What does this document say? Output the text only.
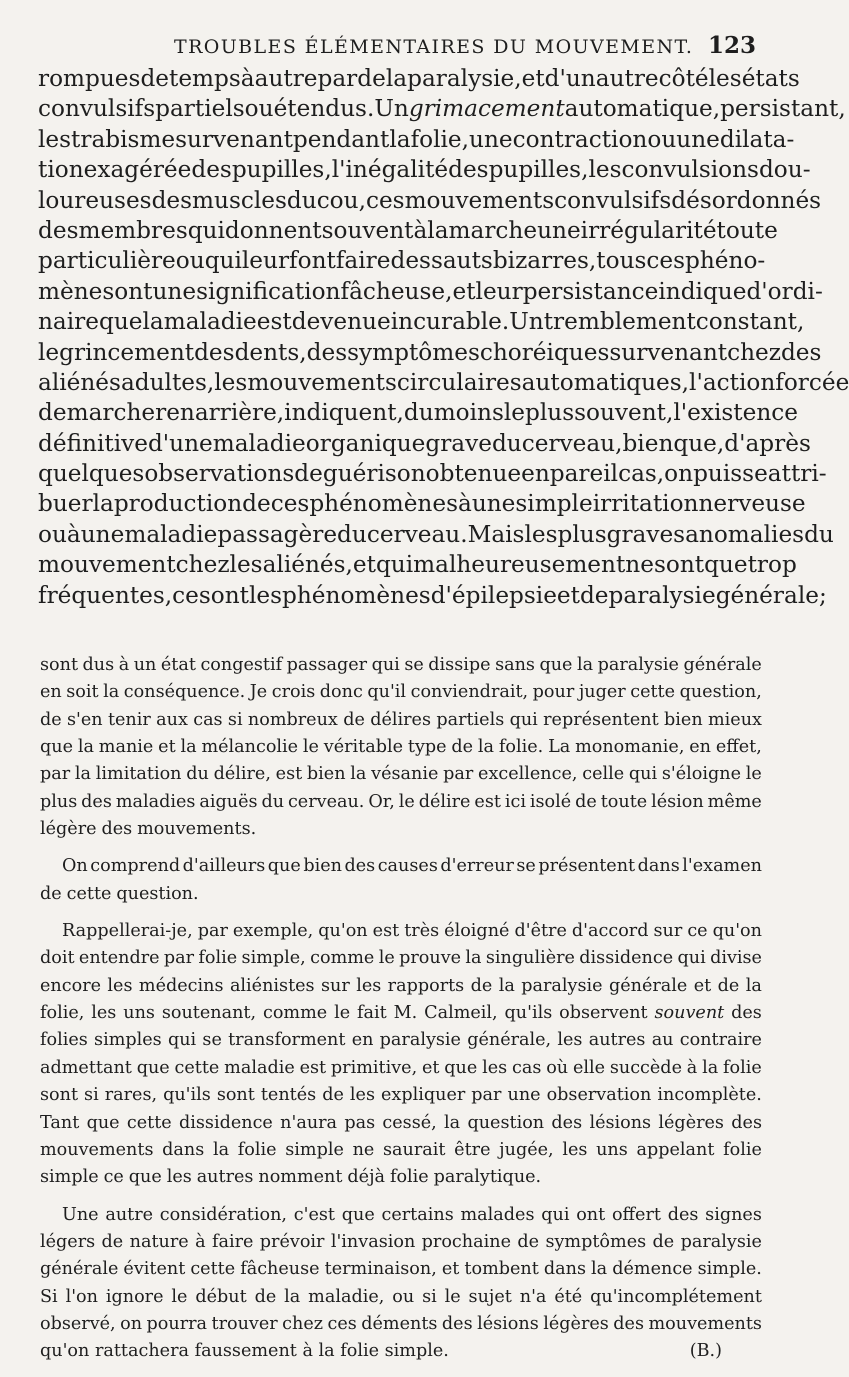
TROUBLES ÉLÉMENTAIRES DU MOUVEMENT. 123
rompues de temps à autre par de la paralysie, et d'un autre côté les états
convulsifs partiels ou étendus. Un grimacement automatique, persistant,
le strabisme survenant pendant la folie, une contraction ou une dilata-
tion exagérée des pupilles, l'inégalité des pupilles, les convulsions dou-
loureuses des muscles du cou, ces mouvements convulsifs désordonnés
des membres qui donnent souvent à la marche une irrégularité toute
particulière ou qui leur font faire des sauts bizarres, tous ces phéno-
mènes ont une signification fâcheuse, et leur persistance indique d'ordi-
naire que la maladie est devenue incurable. Un tremblement constant,
le grincement des dents, des symptômes choréiques survenant chez des
aliénés adultes, les mouvements circulaires automatiques, l'action forcée
de marcher en arrière, indiquent, du moins le plus souvent, l'existence
définitive d'une maladie organique grave du cerveau, bien que, d'après
quelques observations de guérison obtenue en pareil cas, on puisse attri-
buer la production de ces phénomènes à une simple irritation nerveuse
ou à une maladie passagère du cerveau. Mais les plus graves anomalies du
mouvement chez les aliénés, et qui malheureusement ne sont que trop
fréquentes, ce sont les phénomènes d'épilepsie et de paralysie générale ;
sont dus à un état congestif passager qui se dissipe sans que la paralysie générale
en soit la conséquence. Je crois donc qu'il conviendrait, pour juger cette question,
de s'en tenir aux cas si nombreux de délires partiels qui représentent bien mieux
que la manie et la mélancolie le véritable type de la folie. La monomanie, en effet,
par la limitation du délire, est bien la vésanie par excellence, celle qui s'éloigne le
plus des maladies aiguës du cerveau. Or, le délire est ici isolé de toute lésion même
légère des mouvements.
On comprend d'ailleurs que bien des causes d'erreur se présentent dans l'examen
de cette question.
Rappellerai-je, par exemple, qu'on est très éloigné d'être d'accord sur ce qu'on
doit entendre par folie simple, comme le prouve la singulière dissidence qui divise
encore les médecins aliénistes sur les rapports de la paralysie générale et de la
folie, les uns soutenant, comme le fait M. Calmeil, qu'ils observent souvent des
folies simples qui se transforment en paralysie générale, les autres au contraire
admettant que cette maladie est primitive, et que les cas où elle succède à la folie
sont si rares, qu'ils sont tentés de les expliquer par une observation incomplète.
Tant que cette dissidence n'aura pas cessé, la question des lésions légères des
mouvements dans la folie simple ne saurait être jugée, les uns appelant folie
simple ce que les autres nomment déjà folie paralytique.
Une autre considération, c'est que certains malades qui ont offert des signes
légers de nature à faire prévoir l'invasion prochaine de symptômes de paralysie
générale évitent cette fâcheuse terminaison, et tombent dans la démence simple.
Si l'on ignore le début de la maladie, ou si le sujet n'a été qu'incomplétement
observé, on pourra trouver chez ces déments des lésions légères des mouvements
qu'on rattachera faussement à la folie simple.	(B.)
